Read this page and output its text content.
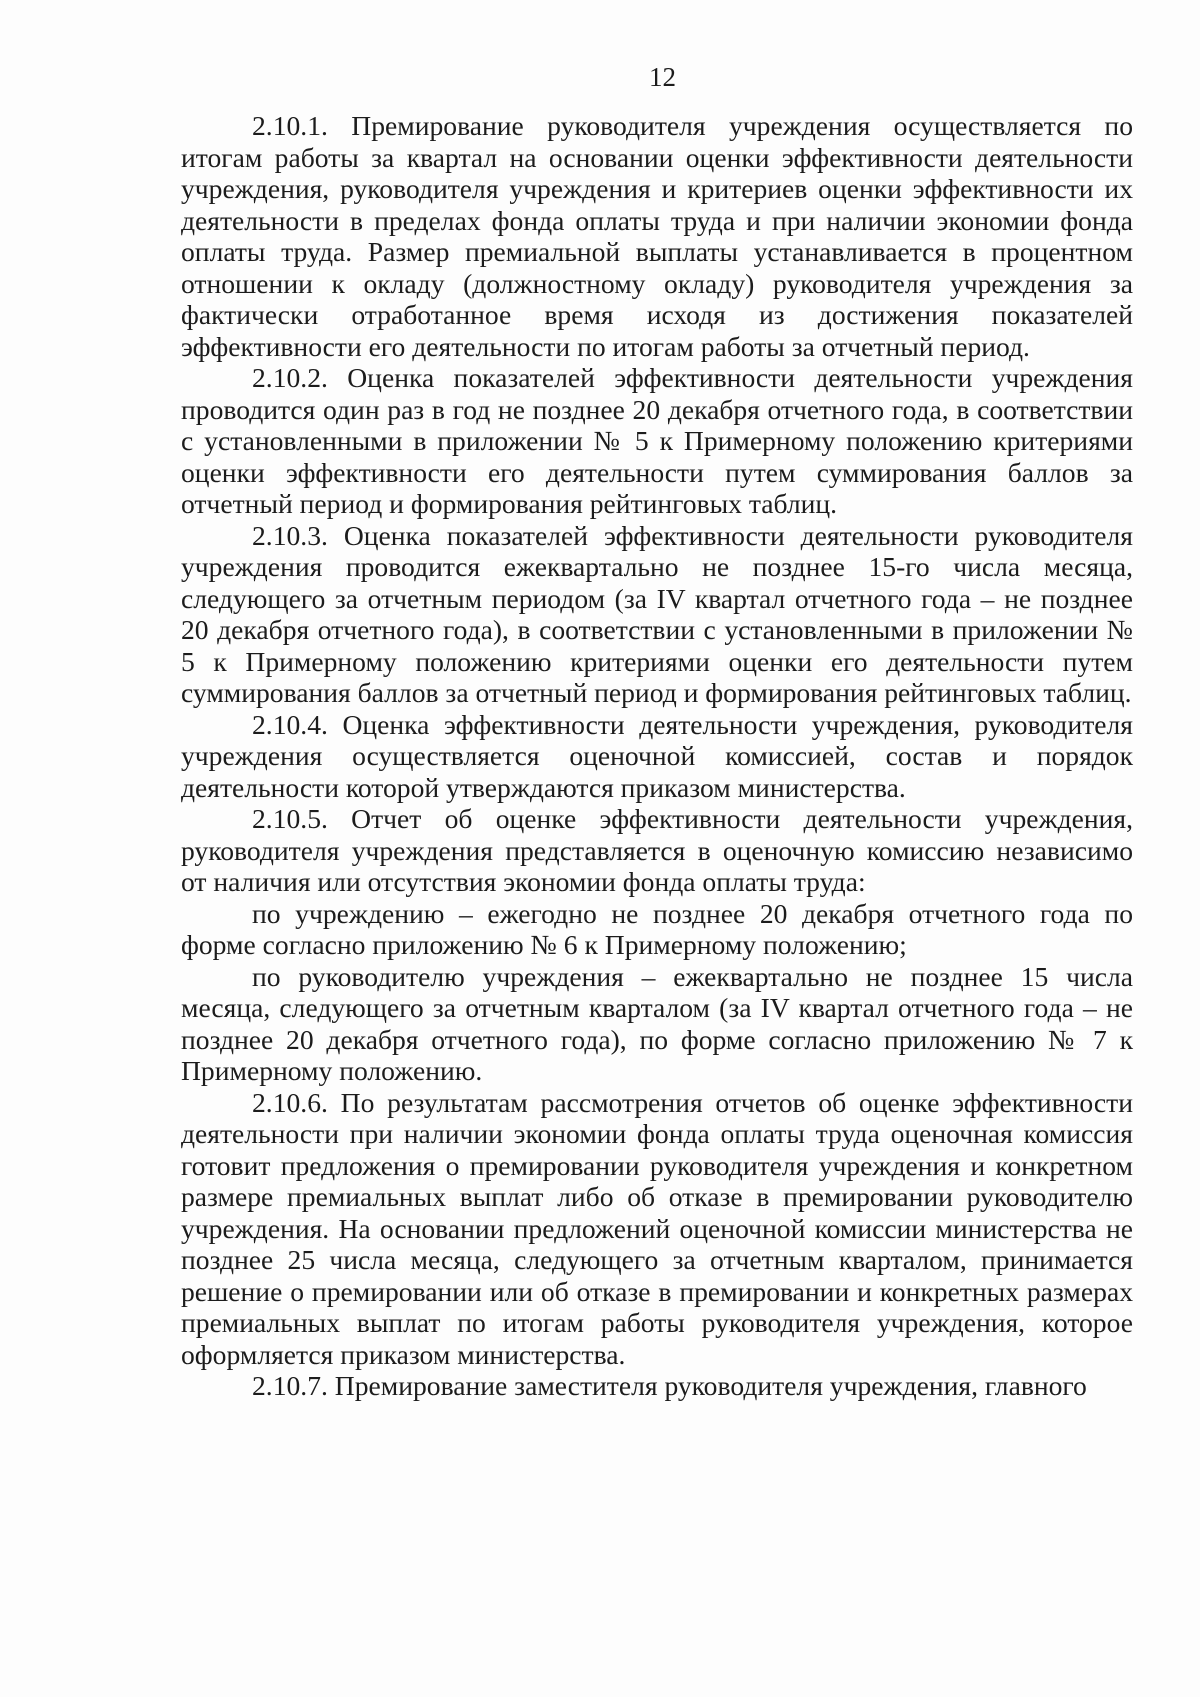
12

2.10.1. Премирование руководителя учреждения осуществляется по итогам работы за квартал на основании оценки эффективности деятельности учреждения, руководителя учреждения и критериев оценки эффективности их деятельности в пределах фонда оплаты труда и при наличии экономии фонда оплаты труда. Размер премиальной выплаты устанавливается в процентном отношении к окладу (должностному окладу) руководителя учреждения за фактически отработанное время исходя из достижения показателей эффективности его деятельности по итогам работы за отчетный период.

2.10.2. Оценка показателей эффективности деятельности учреждения проводится один раз в год не позднее 20 декабря отчетного года, в соответствии с установленными в приложении № 5 к Примерному положению критериями оценки эффективности его деятельности путем суммирования баллов за отчетный период и формирования рейтинговых таблиц.

2.10.3. Оценка показателей эффективности деятельности руководителя учреждения проводится ежеквартально не позднее 15-го числа месяца, следующего за отчетным периодом (за IV квартал отчетного года – не позднее 20 декабря отчетного года), в соответствии с установленными в приложении № 5 к Примерному положению критериями оценки его деятельности путем суммирования баллов за отчетный период и формирования рейтинговых таблиц.

2.10.4. Оценка эффективности деятельности учреждения, руководителя учреждения осуществляется оценочной комиссией, состав и порядок деятельности которой утверждаются приказом министерства.

2.10.5. Отчет об оценке эффективности деятельности учреждения, руководителя учреждения представляется в оценочную комиссию независимо от наличия или отсутствия экономии фонда оплаты труда:

по учреждению – ежегодно не позднее 20 декабря отчетного года по форме согласно приложению № 6 к Примерному положению;

по руководителю учреждения – ежеквартально не позднее 15 числа месяца, следующего за отчетным кварталом (за IV квартал отчетного года – не позднее 20 декабря отчетного года), по форме согласно приложению № 7 к Примерному положению.

2.10.6. По результатам рассмотрения отчетов об оценке эффективности деятельности при наличии экономии фонда оплаты труда оценочная комиссия готовит предложения о премировании руководителя учреждения и конкретном размере премиальных выплат либо об отказе в премировании руководителю учреждения. На основании предложений оценочной комиссии министерства не позднее 25 числа месяца, следующего за отчетным кварталом, принимается решение о премировании или об отказе в премировании и конкретных размерах премиальных выплат по итогам работы руководителя учреждения, которое оформляется приказом министерства.

2.10.7. Премирование заместителя руководителя учреждения, главного
